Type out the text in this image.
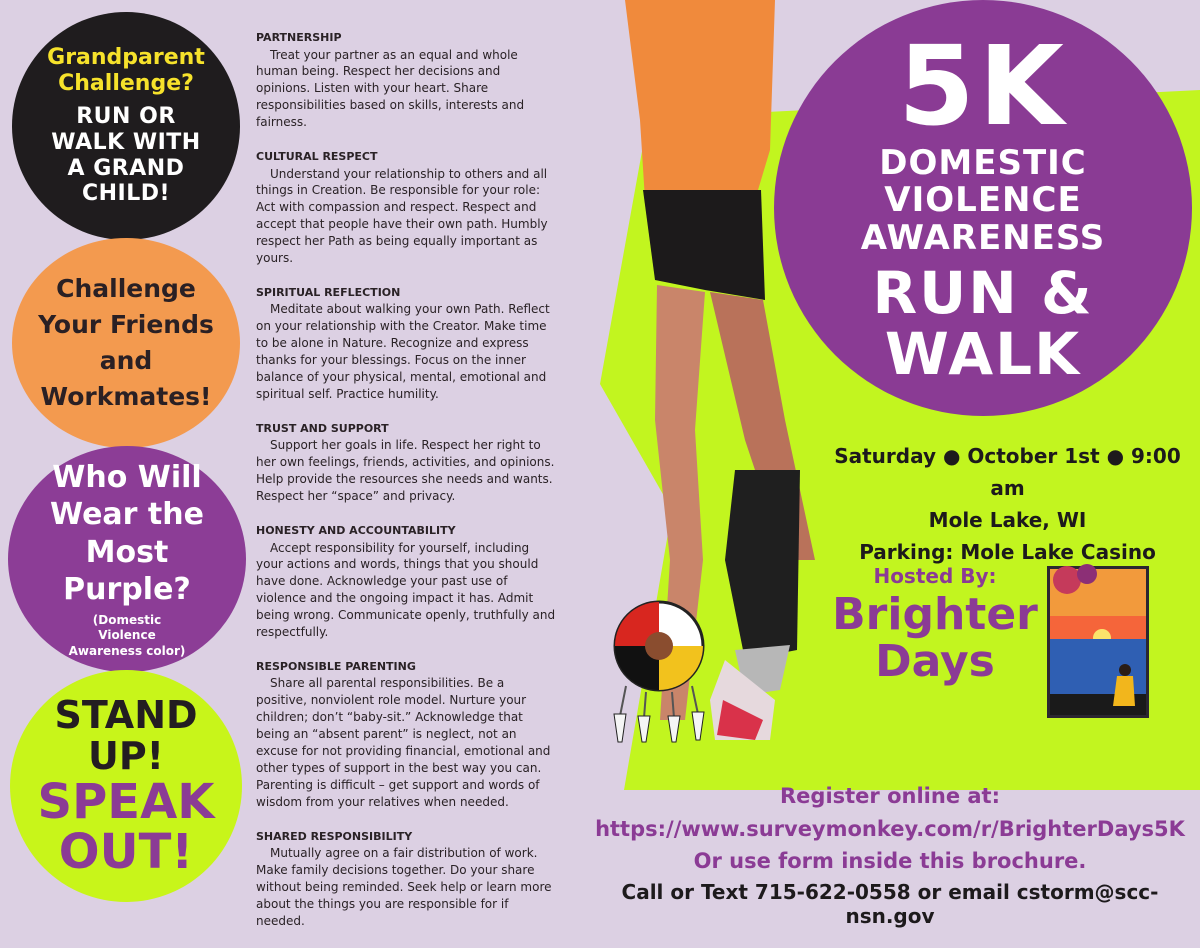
Grandparent Challenge?
RUN OR WALK WITH A GRAND CHILD!
Challenge Your Friends and Workmates!
Who Will Wear the Most Purple?
(Domestic Violence Awareness color)
STAND UP!
SPEAK OUT!
PARTNERSHIP

Treat your partner as an equal and whole human being. Respect her decisions and opinions. Listen with your heart. Share responsibilities based on skills, interests and fairness.

CULTURAL RESPECT

Understand your relationship to others and all things in Creation. Be responsible for your role: Act with compassion and respect. Respect and accept that people have their own path. Humbly respect her Path as being equally important as yours.

SPIRITUAL REFLECTION

Meditate about walking your own Path. Reflect on your relationship with the Creator. Make time to be alone in Nature. Recognize and express thanks for your blessings. Focus on the inner balance of your physical, mental, emotional and spiritual self. Practice humility.

TRUST AND SUPPORT

Support her goals in life. Respect her right to her own feelings, friends, activities, and opinions. Help provide the resources she needs and wants. Respect her “space” and privacy.

HONESTY AND ACCOUNTABILITY

Accept responsibility for yourself, including your actions and words, things that you should have done. Acknowledge your past use of violence and the ongoing impact it has. Admit being wrong. Communicate openly, truthfully and respectfully.

RESPONSIBLE PARENTING

Share all parental responsibilities. Be a positive, nonviolent role model. Nurture your children; don’t “baby-sit.” Acknowledge that being an “absent parent” is neglect, not an excuse for not providing financial, emotional and other types of support in the best way you can. Parenting is difficult – get support and words of wisdom from your relatives when needed.

SHARED RESPONSIBILITY

Mutually agree on a fair distribution of work. Make family decisions together. Do your share without being reminded. Seek help or learn more about the things you are responsible for if needed.

5K
DOMESTIC VIOLENCE AWARENESS
RUN & WALK
Saturday ● October 1st ● 9:00 am
Mole Lake, WI
Parking: Mole Lake Casino
Hosted By:
Brighter Days
Register online at:
https://www.surveymonkey.com/r/BrighterDays5K
Or use form inside this brochure.
Call or Text 715-622-0558 or email cstorm@scc-nsn.gov
